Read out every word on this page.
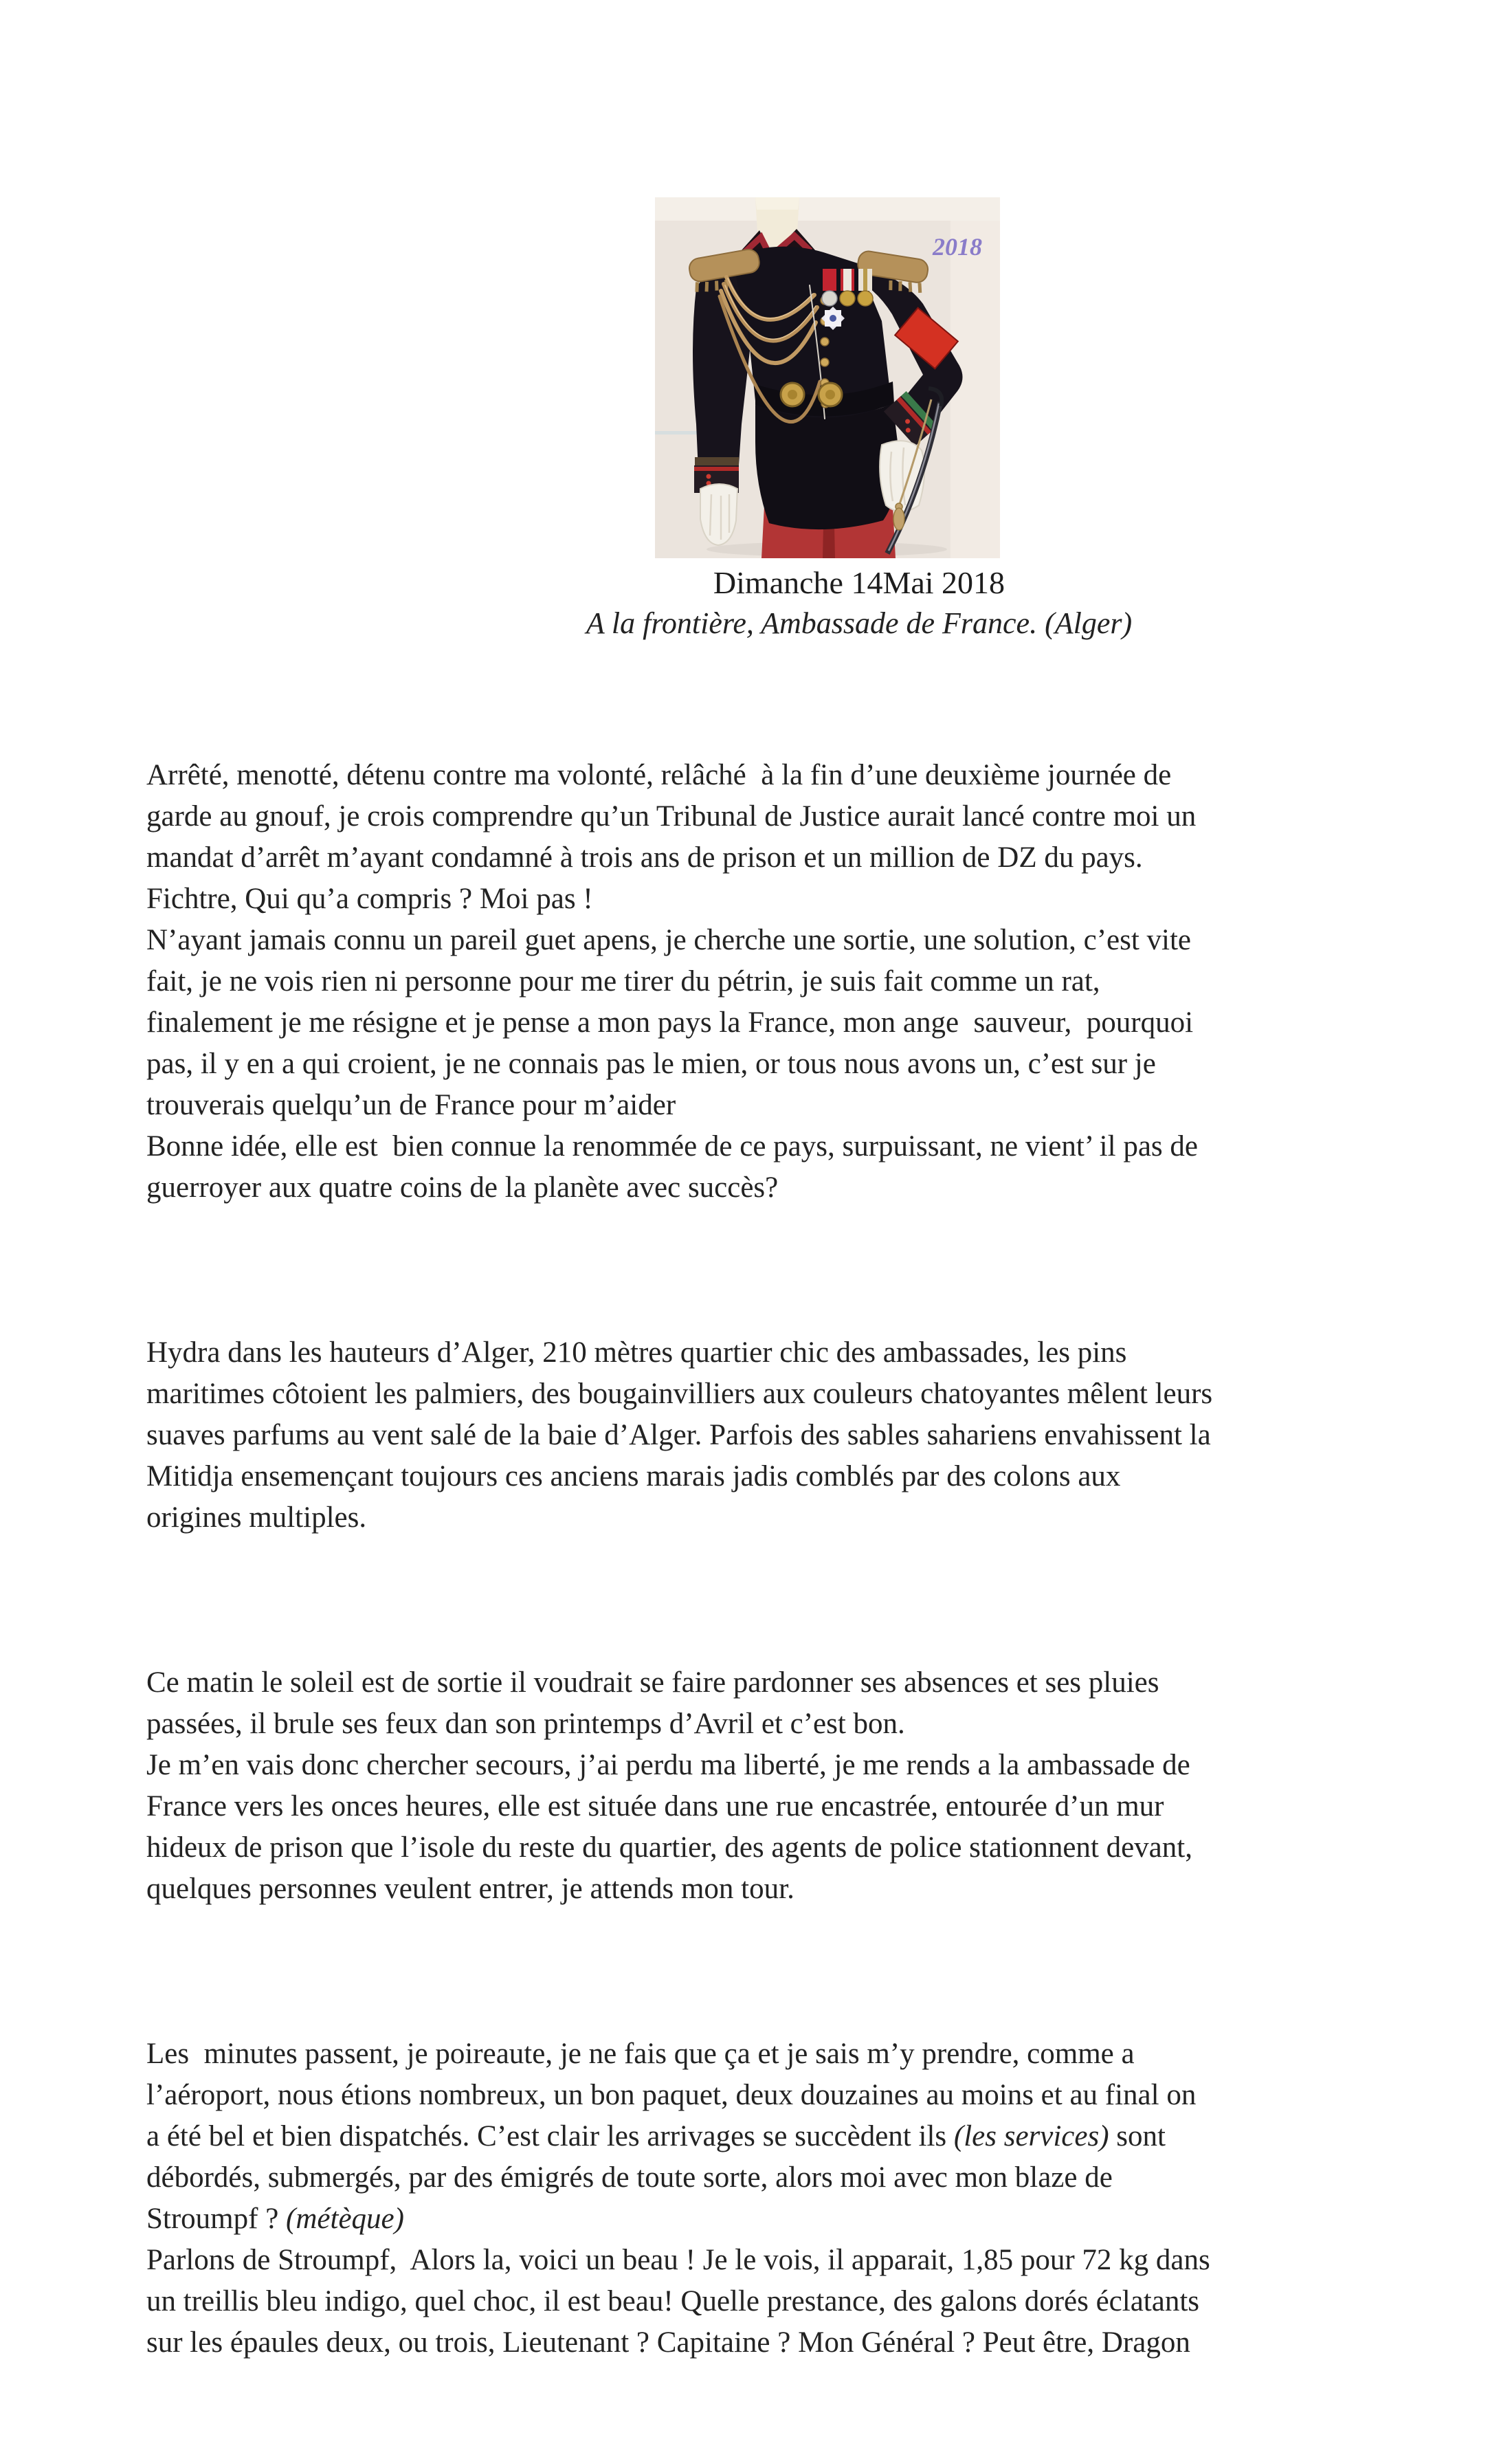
2018
Dimanche 14Mai 2018
A la frontière, Ambassade de France. (Alger)

Arrêté, menotté, détenu contre ma volonté, relâché  à la fin d’une deuxième journée de
garde au gnouf, je crois comprendre qu’un Tribunal de Justice aurait lancé contre moi un
mandat d’arrêt m’ayant condamné à trois ans de prison et un million de DZ du pays.
Fichtre, Qui qu’a compris ? Moi pas !
N’ayant jamais connu un pareil guet apens, je cherche une sortie, une solution, c’est vite
fait, je ne vois rien ni personne pour me tirer du pétrin, je suis fait comme un rat,
finalement je me résigne et je pense a mon pays la France, mon ange  sauveur,  pourquoi
pas, il y en a qui croient, je ne connais pas le mien, or tous nous avons un, c’est sur je
trouverais quelqu’un de France pour m’aider
Bonne idée, elle est  bien connue la renommée de ce pays, surpuissant, ne vient’ il pas de
guerroyer aux quatre coins de la planète avec succès?

Hydra dans les hauteurs d’Alger, 210 mètres quartier chic des ambassades, les pins
maritimes côtoient les palmiers, des bougainvilliers aux couleurs chatoyantes mêlent leurs
suaves parfums au vent salé de la baie d’Alger. Parfois des sables sahariens envahissent la
Mitidja ensemençant toujours ces anciens marais jadis comblés par des colons aux
origines multiples.

Ce matin le soleil est de sortie il voudrait se faire pardonner ses absences et ses pluies
passées, il brule ses feux dan son printemps d’Avril et c’est bon.
Je m’en vais donc chercher secours, j’ai perdu ma liberté, je me rends a la ambassade de
France vers les onces heures, elle est située dans une rue encastrée, entourée d’un mur
hideux de prison que l’isole du reste du quartier, des agents de police stationnent devant,
quelques personnes veulent entrer, je attends mon tour.

Les  minutes passent, je poireaute, je ne fais que ça et je sais m’y prendre, comme a
l’aéroport, nous étions nombreux, un bon paquet, deux douzaines au moins et au final on
a été bel et bien dispatchés. C’est clair les arrivages se succèdent ils (les services) sont
débordés, submergés, par des émigrés de toute sorte, alors moi avec mon blaze de
Stroumpf ? (métèque)
Parlons de Stroumpf,  Alors la, voici un beau ! Je le vois, il apparait, 1,85 pour 72 kg dans
un treillis bleu indigo, quel choc, il est beau! Quelle prestance, des galons dorés éclatants
sur les épaules deux, ou trois, Lieutenant ? Capitaine ? Mon Général ? Peut être, Dragon
